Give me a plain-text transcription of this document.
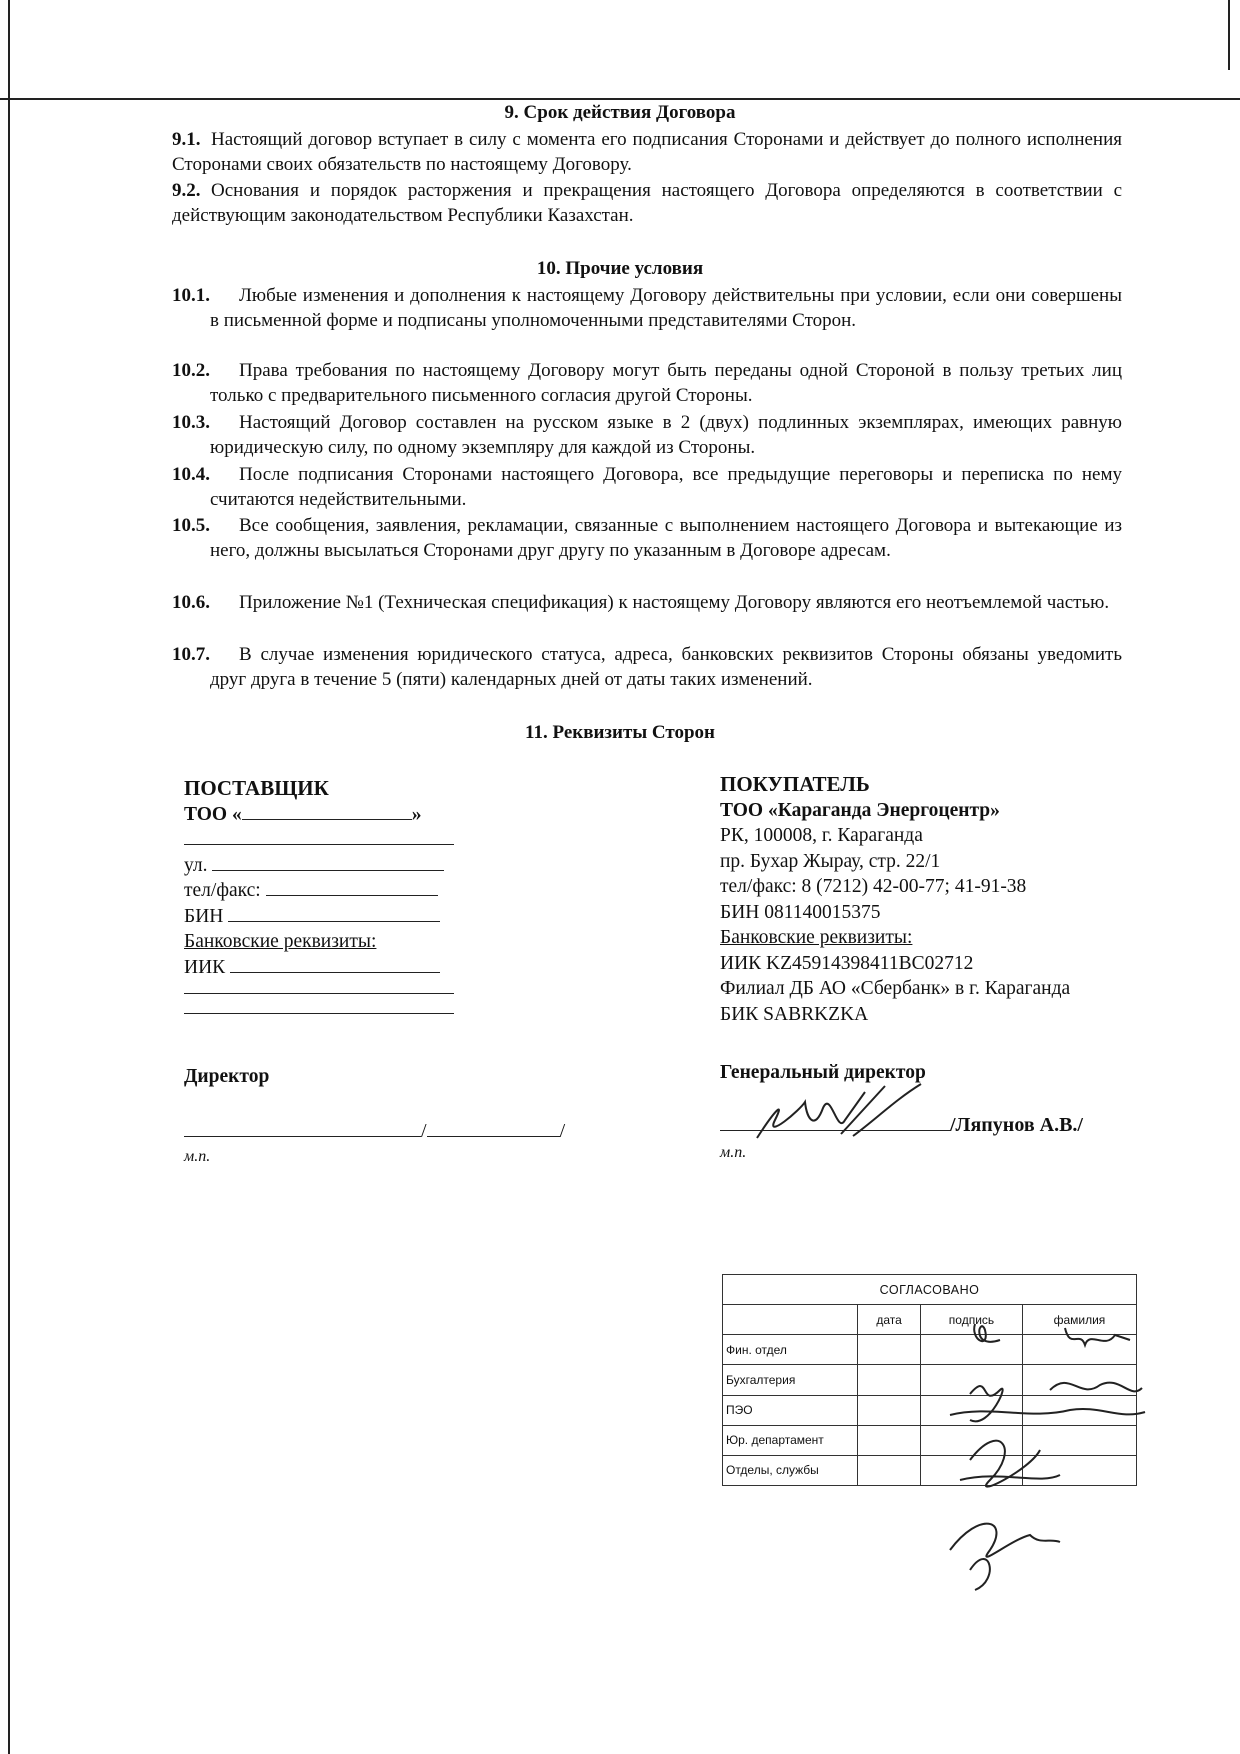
9. Срок действия Договора
9.1. Настоящий договор вступает в силу с момента его подписания Сторонами и действует до полного исполнения Сторонами своих обязательств по настоящему Договору.
9.2. Основания и порядок расторжения и прекращения настоящего Договора определяются в соответствии с действующим законодательством Республики Казахстан.
10. Прочие условия
10.1.	Любые изменения и дополнения к настоящему Договору действительны при условии, если они совершены в письменной форме и подписаны уполномоченными представителями Сторон.
10.2.	Права требования по настоящему Договору могут быть переданы одной Стороной в пользу третьих лиц только с предварительного письменного согласия другой Стороны.
10.3.	Настоящий Договор составлен на русском языке в 2 (двух) подлинных экземплярах, имеющих равную юридическую силу, по одному экземпляру для каждой из Стороны.
10.4.	После подписания Сторонами настоящего Договора, все предыдущие переговоры и переписка по нему считаются недействительными.
10.5.	Все сообщения, заявления, рекламации, связанные с выполнением настоящего Договора и вытекающие из него, должны высылаться Сторонами друг другу по указанным в Договоре адресам.
10.6.	Приложение №1 (Техническая спецификация) к настоящему Договору являются его неотъемлемой частью.
10.7.	В случае изменения юридического статуса, адреса, банковских реквизитов Стороны обязаны уведомить друг друга в течение 5 (пяти) календарных дней от даты таких изменений.
11. Реквизиты Сторон
ПОСТАВЩИК
ТОО «	»
ул.
тел/факс:
БИН
Банковские реквизиты:
ИИК
Директор
/	/
м.п.
ПОКУПАТЕЛЬ
ТОО «Караганда Энергоцентр»
РК, 100008, г. Караганда
пр. Бухар Жырау, стр. 22/1
тел/факс: 8 (7212) 42-00-77; 41-91-38
БИН 081140015375
Банковские реквизиты:
ИИК KZ45914398411BC02712
Филиал ДБ АО «Сбербанк» в г. Караганда
БИК SABRKZKA
Генеральный директор
/Ляпунов А.В./
м.п.
СОГЛАСОВАНО			
	дата	подпись	фамилия
Фин. отдел			
Бухгалтерия			
ПЭО			
Юр. департамент			
Отделы, службы			
